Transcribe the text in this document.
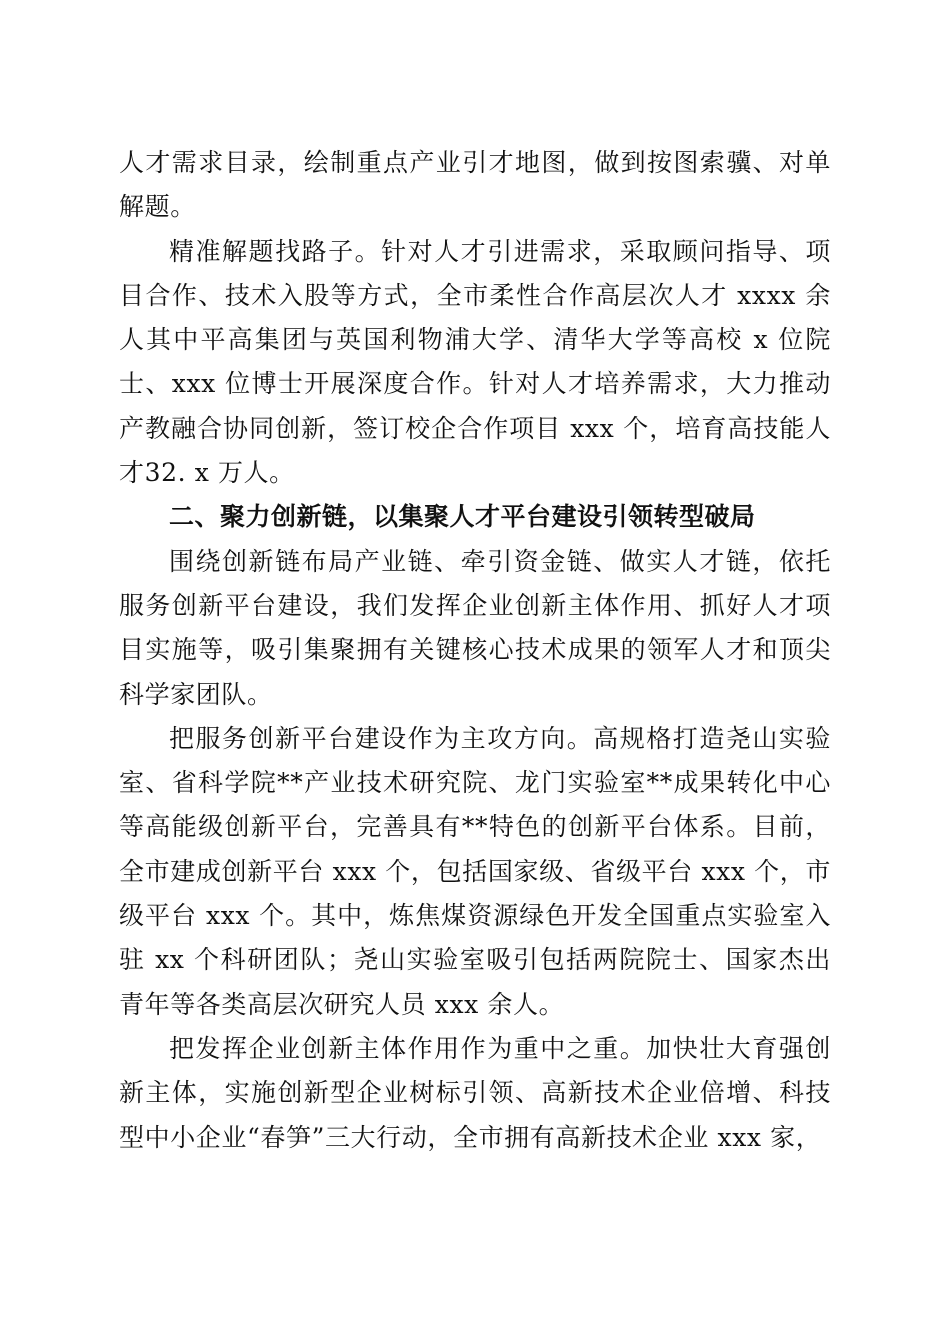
人才需求目录，绘制重点产业引才地图，做到按图索骥、对单解题。

精准解题找路子。针对人才引进需求，采取顾问指导、项目合作、技术入股等方式，全市柔性合作高层次人才 xxxx 余人其中平高集团与英国利物浦大学、清华大学等高校 x 位院士、xxx 位博士开展深度合作。针对人才培养需求，大力推动产教融合协同创新，签订校企合作项目 xxx 个，培育高技能人才32. x 万人。

二、聚力创新链，以集聚人才平台建设引领转型破局

围绕创新链布局产业链、牵引资金链、做实人才链，依托服务创新平台建设，我们发挥企业创新主体作用、抓好人才项目实施等，吸引集聚拥有关键核心技术成果的领军人才和顶尖科学家团队。

把服务创新平台建设作为主攻方向。高规格打造尧山实验室、省科学院**产业技术研究院、龙门实验室**成果转化中心等高能级创新平台，完善具有**特色的创新平台体系。目前，全市建成创新平台 xxx 个，包括国家级、省级平台 xxx 个，市级平台 xxx 个。其中，炼焦煤资源绿色开发全国重点实验室入驻 xx 个科研团队；尧山实验室吸引包括两院院士、国家杰出青年等各类高层次研究人员 xxx 余人。

把发挥企业创新主体作用作为重中之重。加快壮大育强创新主体，实施创新型企业树标引领、高新技术企业倍增、科技型中小企业“春笋”三大行动，全市拥有高新技术企业 xxx 家，
